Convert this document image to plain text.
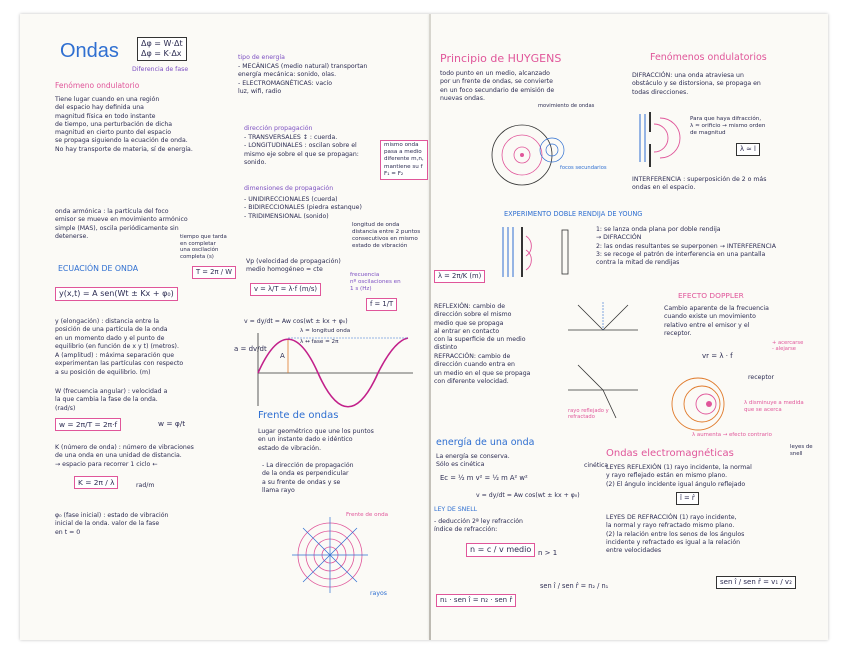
Ondas	Δφ = W·Δt
Δφ = K·Δx
Diferencia de fase
Fenómeno ondulatorio
Tiene lugar cuando en una región
del espacio hay definida una
magnitud física en todo instante
de tiempo, una perturbación de dicha
magnitud en cierto punto del espacio
se propaga siguiendo la ecuación de onda.
No hay transporte de materia, sí de energía.
tipo de energía
- MECÁNICAS (medio natural) transportan
energía mecánica: sonido, olas.
- ELECTROMAGNÉTICAS: vacío
luz, wifi, radio
dirección propagación
- TRANSVERSALES ↕ : cuerda.
- LONGITUDINALES : oscilan sobre el
mismo eje sobre el que se propagan:
sonido.
mismo onda
pasa a medio
diferente m,n,
mantiene su f
F₁ = F₂
dimensiones de propagación
- UNIDIRECCIONALES (cuerda)
- BIDIRECCIONALES (piedra estanque)
- TRIDIMENSIONAL (sonido)
longitud de onda
distancia entre 2 puntos
consecutivos en mismo
estado de vibración
onda armónica : la partícula del foco
emisor se mueve en movimiento armónico
simple (MAS), oscila periódicamente sin
detenerse.	tiempo que tarda
en completar
una oscilación
completa (s)
ECUACIÓN DE ONDA	T = 2π / W
y(x,t) = A sen(Wt ± Kx + φ₀)
Vp (velocidad de propagación)
medio homogéneo = cte
v = λ/T = λ·f (m/s)
frecuencia
nº oscilaciones en
1 s (Hz)
f = 1/T
y (elongación) : distancia entre la
posición de una partícula de la onda
en un momento dado y el punto de
equilibrio (en función de x y t) (metros).
v = dy/dt = Aw cos(wt ± kx + φ₀)
a = dv/dt
λ = longitud onda
λ ↔ fase = 2π
A
A (amplitud) : máxima separación que
experimentan las partículas con respecto
a su posición de equilibrio. (m)
W (frecuencia angular) : velocidad a
la que cambia la fase de la onda.
(rad/s)
w = 2π/T = 2π·f	w = φ/t
K (número de onda) : número de vibraciones
de una onda en una unidad de distancia.
→ espacio para recorrer 1 ciclo ←
K = 2π / λ	rad/m
φ₀ (fase inicial) : estado de vibración
inicial de la onda. valor de la fase
en t = 0
Frente de ondas
Lugar geométrico que une los puntos
en un instante dado e idéntico
estado de vibración.
- La dirección de propagación
de la onda es perpendicular
a su frente de ondas y se
llama rayo
Frente de onda
rayos
Principio de HUYGENS
todo punto en un medio, alcanzado
por un frente de ondas, se convierte
en un foco secundario de emisión de
nuevas ondas.
movimiento de ondas
focos secundarios
Fenómenos ondulatorios
DIFRACCIÓN: una onda atraviesa un
obstáculo y se distorsiona, se propaga en
todas direcciones.
Para que haya difracción,
λ ≈ orificio → mismo orden
de magnitud
λ ≈ l
INTERFERENCIA : superposición de 2 o más
ondas en el espacio.
EXPERIMENTO DOBLE RENDIJA DE YOUNG
1: se lanza onda plana por doble rendija
→ DIFRACCIÓN
2: las ondas resultantes se superponen → INTERFERENCIA
3: se recoge el patrón de interferencia en una pantalla
contra la mitad de rendijas
λ = 2π/K (m)
REFLEXIÓN: cambio de
dirección sobre el mismo
medio que se propaga
al entrar en contacto
con la superficie de un medio
distinto
REFRACCIÓN: cambio de
dirección cuando entra en
un medio en el que se propaga
con diferente velocidad.
rayo reflejado y refractado
EFECTO DOPPLER
Cambio aparente de la frecuencia
cuando existe un movimiento
relativo entre el emisor y el
receptor.
vr = λ · f
+ acercarse
- alejarse
receptor
λ disminuye a medida
que se acerca
λ aumenta → efecto contrario
energía de una onda
La energía se conserva.
Sólo es cinética
Ec = ½ m v² = ½ m A² w²
cinética
v = dy/dt = Aw cos(wt ± kx + φ₀)
LEY DE SNELL
- deducción 2ª ley refracción
índice de refracción:
n = c / v medio n > 1
n₁ · sen î = n₂ · sen r̂
sen î / sen r̂ = n₂ / n₁
Ondas electromagnéticas
leyes de
snell
LEYES REFLEXIÓN (1) rayo incidente, la normal
y rayo reflejado están en mismo plano.
(2) El ángulo incidente igual ángulo reflejado
î = r̂
LEYES DE REFRACCIÓN (1) rayo incidente,
la normal y rayo refractado mismo plano.
(2) la relación entre los senos de los ángulos
incidente y refractado es igual a la relación
entre velocidades
sen î / sen r̂ = v₁ / v₂
